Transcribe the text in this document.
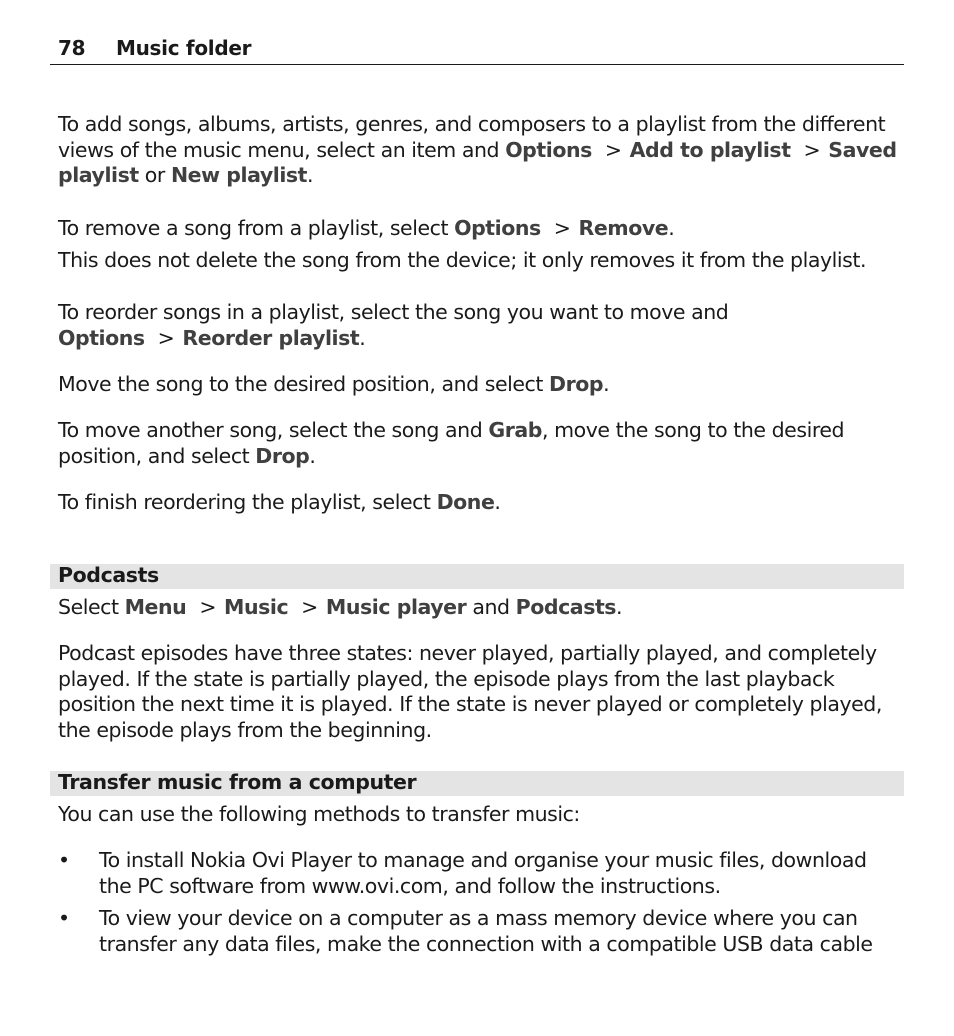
78 Music folder

To add songs, albums, artists, genres, and composers to a playlist from the different views of the music menu, select an item and Options > Add to playlist > Saved playlist or New playlist.

To remove a song from a playlist, select Options > Remove.

This does not delete the song from the device; it only removes it from the playlist.

To reorder songs in a playlist, select the song you want to move and Options > Reorder playlist.

Move the song to the desired position, and select Drop.

To move another song, select the song and Grab, move the song to the desired position, and select Drop.

To finish reordering the playlist, select Done.

Podcasts

Select Menu > Music > Music player and Podcasts.

Podcast episodes have three states: never played, partially played, and completely played. If the state is partially played, the episode plays from the last playback position the next time it is played. If the state is never played or completely played, the episode plays from the beginning.

Transfer music from a computer

You can use the following methods to transfer music:

• To install Nokia Ovi Player to manage and organise your music files, download the PC software from www.ovi.com, and follow the instructions.
• To view your device on a computer as a mass memory device where you can transfer any data files, make the connection with a compatible USB data cable
